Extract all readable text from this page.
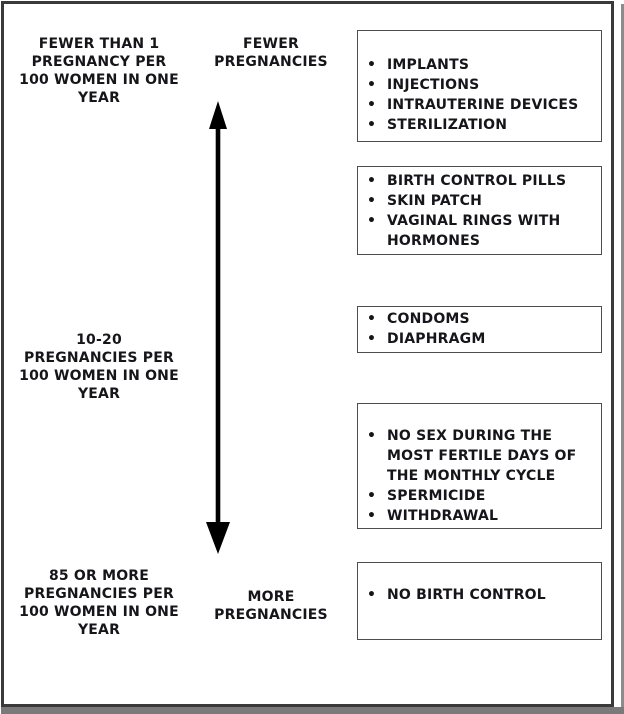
FEWER THAN 1
PREGNANCY PER
100 WOMEN IN ONE
YEAR
10-20
PREGNANCIES PER
100 WOMEN IN ONE
YEAR
85 OR MORE
PREGNANCIES PER
100 WOMEN IN ONE
YEAR
FEWER
PREGNANCIES
MORE
PREGNANCIES
• IMPLANTS
• INJECTIONS
• INTRAUTERINE DEVICES
• STERILIZATION
• BIRTH CONTROL PILLS
• SKIN PATCH
• VAGINAL RINGS WITH
HORMONES
• CONDOMS
• DIAPHRAGM
• NO SEX DURING THE
MOST FERTILE DAYS OF
THE MONTHLY CYCLE
• SPERMICIDE
• WITHDRAWAL
• NO BIRTH CONTROL
